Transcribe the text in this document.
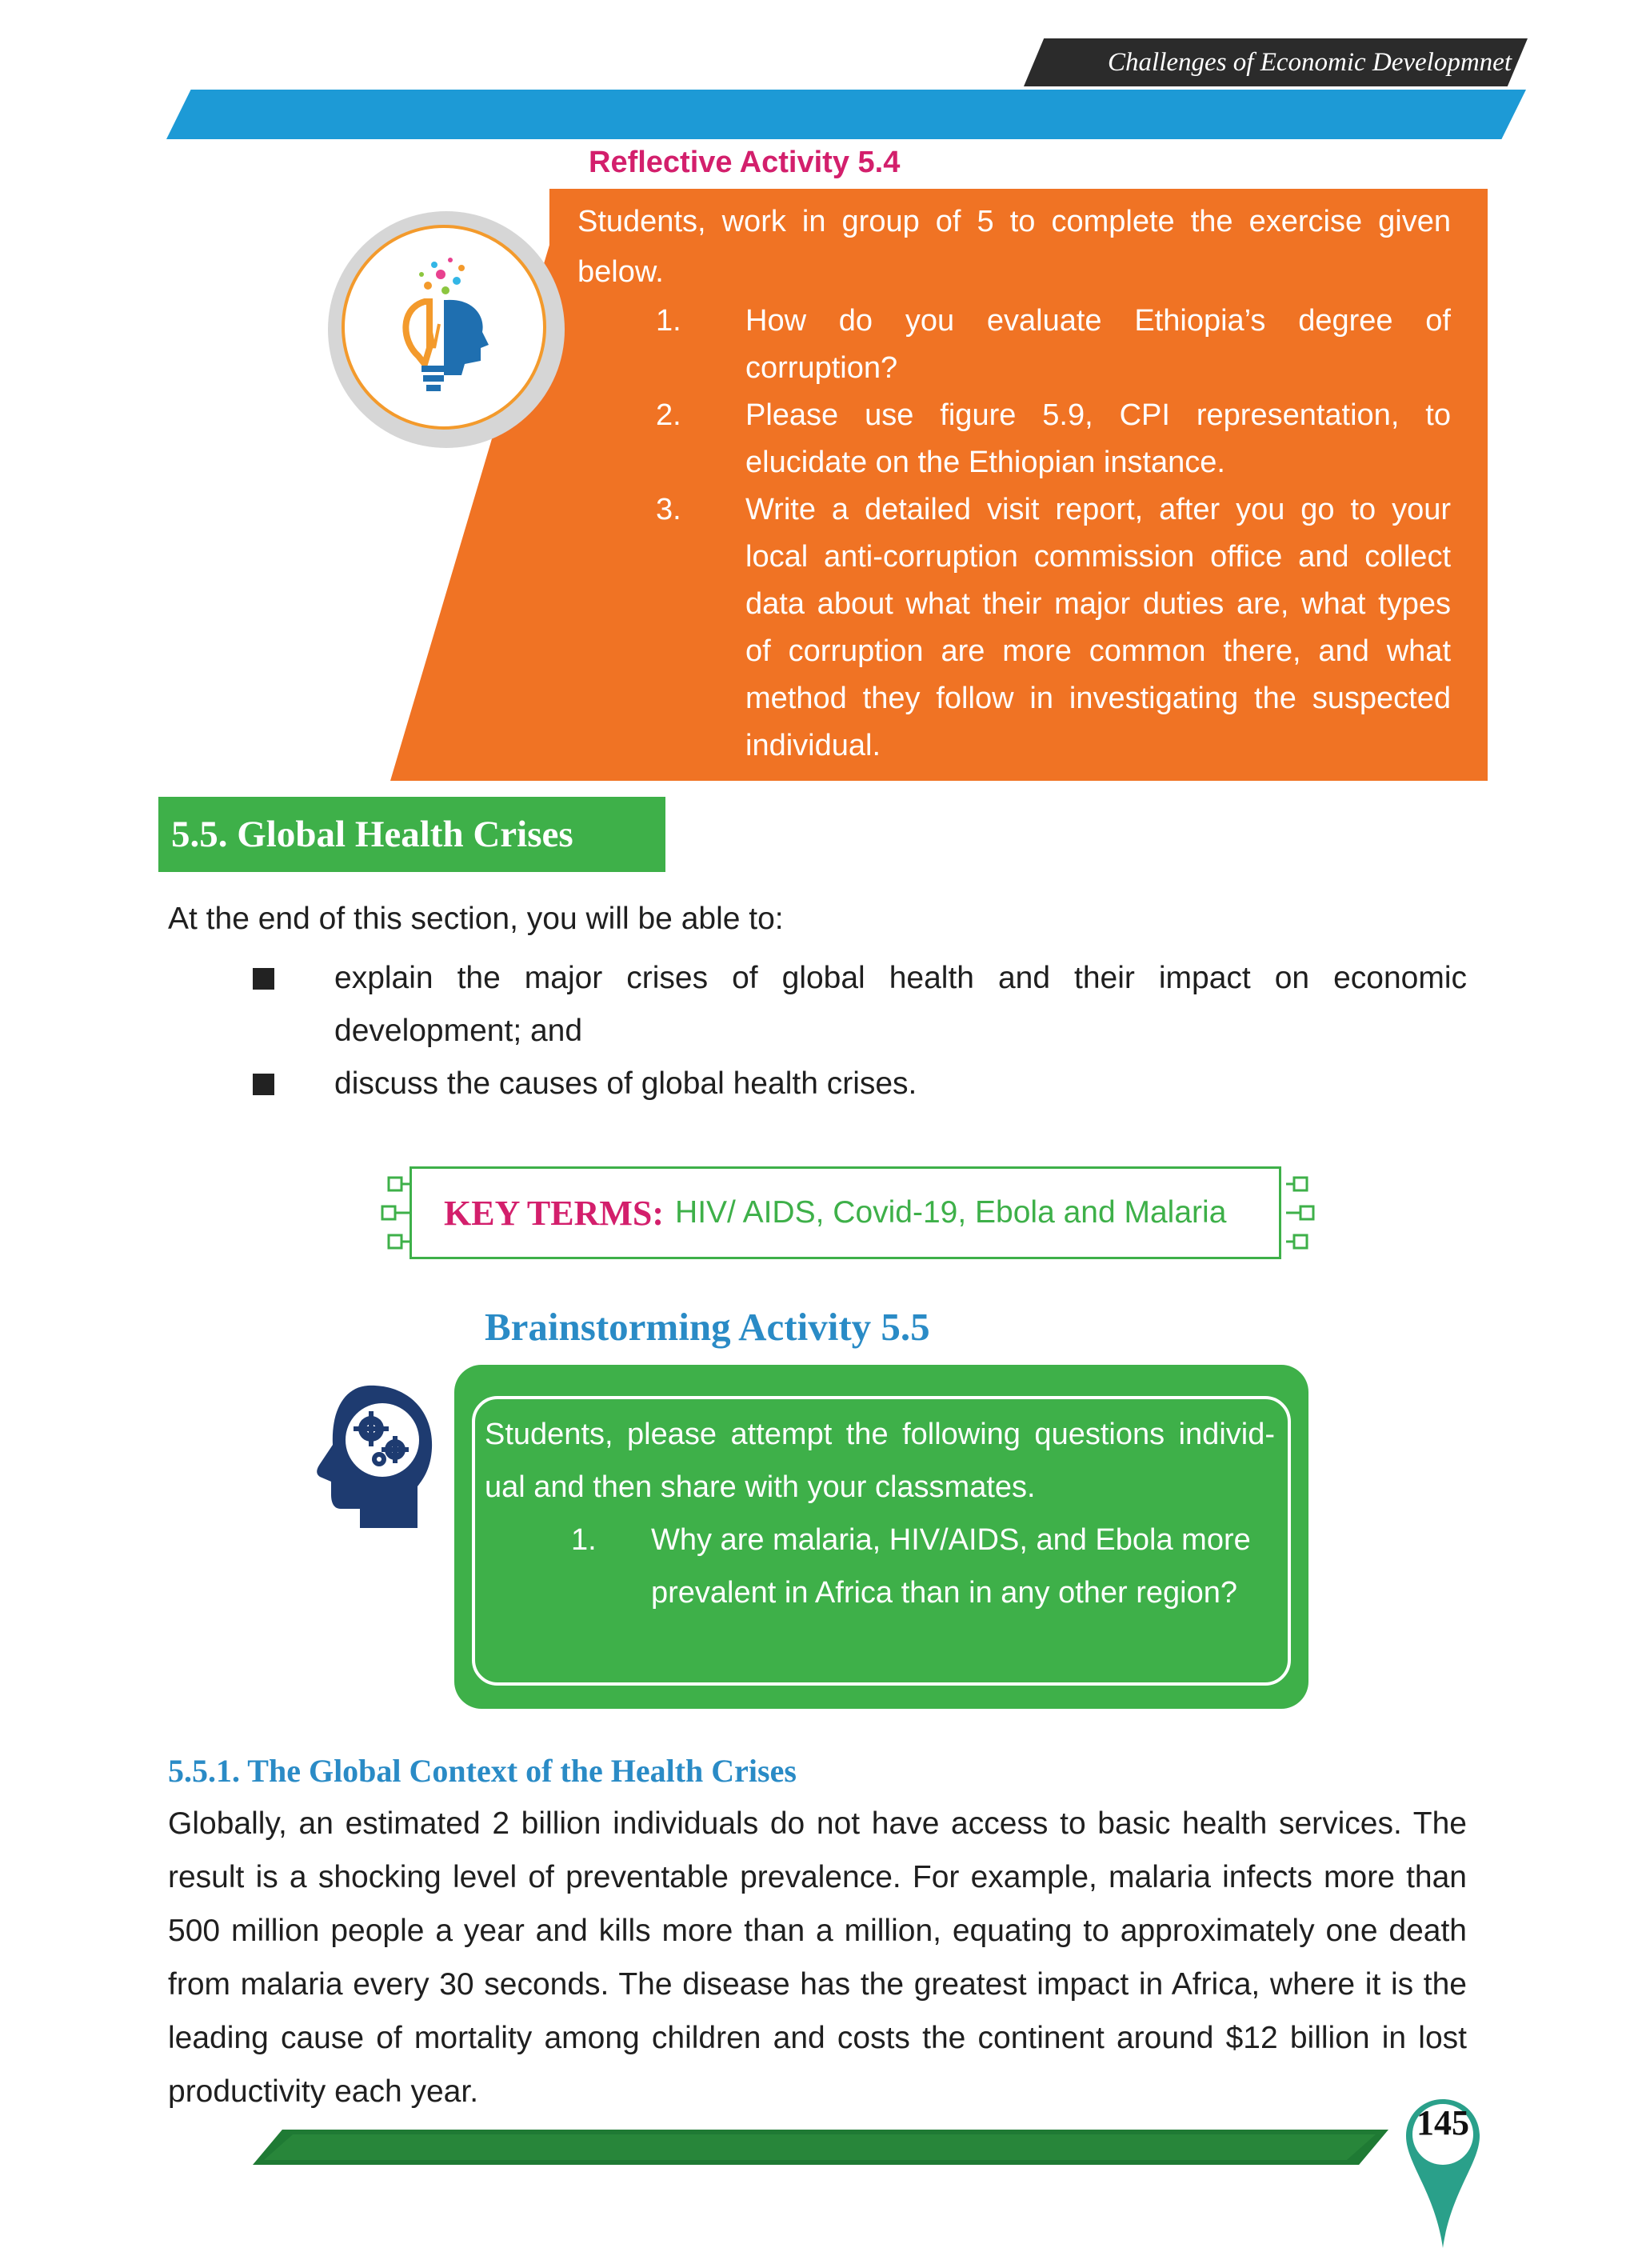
Challenges of Economic Developmnet
Reflective Activity 5.4
Students, work in group of 5 to complete the exercise given below.
1. How do you evaluate Ethiopia’s degree of corruption?
2. Please use figure 5.9, CPI representation, to elucidate on the Ethiopian instance.
3. Write a detailed visit report, after you go to your local anti-corruption commission office and collect data about what their major duties are, what types of corruption are more common there, and what method they follow in investigating the suspected individual.
5.5. Global Health Crises
At the end of this section, you will be able to:
explain the major crises of global health and their impact on economic development; and
discuss the causes of global health crises.
KEY TERMS: HIV/ AIDS, Covid-19, Ebola and Malaria
Brainstorming Activity 5.5
Students, please attempt the following questions individ-ual and then share with your classmates.
1. Why are malaria, HIV/AIDS, and Ebola more prevalent in Africa than in any other region?
5.5.1. The Global Context of the Health Crises
Globally, an estimated 2 billion individuals do not have access to basic health services. The result is a shocking level of preventable prevalence. For example, malaria infects more than 500 million people a year and kills more than a million, equating to approximately one death from malaria every 30 seconds. The disease has the greatest impact in Africa, where it is the leading cause of mortality among children and costs the continent around $12 billion in lost productivity each year.
145
